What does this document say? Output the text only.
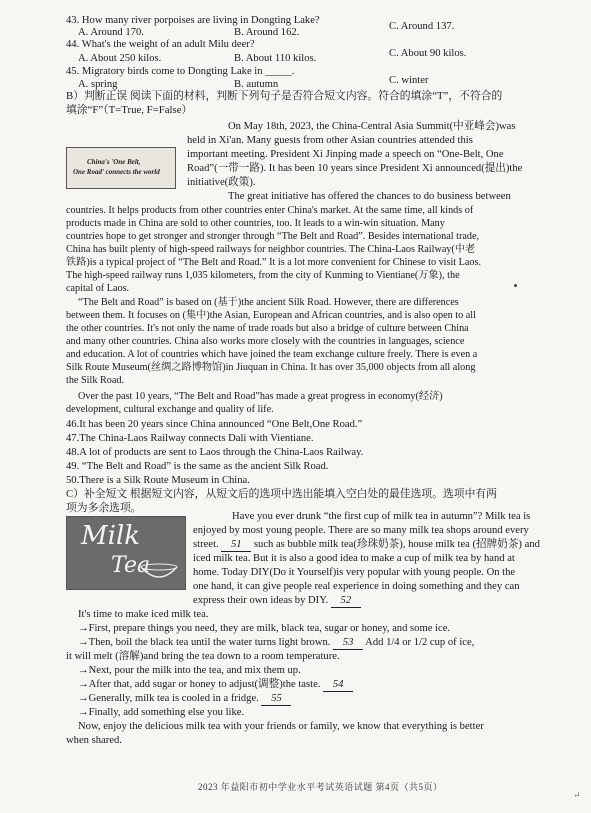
43. How many river porpoises are living in Dongting Lake?
A. Around 170.	B. Around 162.
C. Around 137.
44. What's the weight of an adult Milu deer?
A. About 250 kilos.	B. About 110 kilos.	C. About 90 kilos.
45. Migratory birds come to Dongting Lake in _____.
A. spring	B. autumn	C. winter
B）判断正误 阅读下面的材料，判断下列句子是否符合短文内容。符合的填涂“T”，不符合的
填涂“F”（T=True, F=False）
China's 'One Belt,
One Road' connects the world
On May 18th, 2023, the China-Central Asia Summit(中亚峰会)was
held in Xi'an. Many guests from other Asian countries attended this
important meeting. President Xi Jinping made a speech on “One-Belt, One
Road”(一带一路). It has been 10 years since President Xi announced(提出)the
initiative(政策).
The great initiative has offered the chances to do business between
countries. It helps products from other countries enter China's market. At the same time, all kinds of
products made in China are sold to other countries, too. It leads to a win-win situation. Many
countries hope to get stronger and stronger through “The Belt and Road”. Besides international trade,
China has built plenty of high-speed railways for neighbor countries. The China-Laos Railway(中老
铁路)is a typical project of “The Belt and Road.” It is a lot more convenient for Chinese to visit Laos.
The high-speed railway runs 1,035 kilometers, from the city of Kunming to Vientiane(万象), the
capital of Laos.
“The Belt and Road” is based on (基于)the ancient Silk Road. However, there are differences
between them. It focuses on (集中)the Asian, European and African countries, and is also open to all
the other countries. It's not only the name of trade roads but also a bridge of culture between China
and many other countries. China also works more closely with the countries in languages, science
and education. A lot of countries which have joined the team exchange culture freely. There is even a
Silk Route Museum(丝绸之路博物馆)in Jiuquan in China. It has over 35,000 objects from all along
the Silk Road.
Over the past 10 years, “The Belt and Road”has made a great progress in economy(经济)
development, cultural exchange and quality of life.
46.It has been 20 years since China announced “One Belt,One Road.”
47.The China-Laos Railway connects Dali with Vientiane.
48.A lot of products are sent to Laos through the China-Laos Railway.
49. “The Belt and Road” is the same as the ancient Silk Road.
50.There is a Silk Route Museum in China.
C）补全短文 根据短文内容，从短文后的选项中选出能填入空白处的最佳选项。选项中有两
项为多余选项。
Milk
Tea
Have you ever drunk “the first cup of milk tea in autumn”? Milk tea is
enjoyed by most young people. There are so many milk tea shops around every
street. 51 such as bubble milk tea(珍珠奶茶), house milk tea (招牌奶茶) and
iced milk tea. But it is also a good idea to make a cup of milk tea by hand at
home. Today DIY(Do it Yourself)is very popular with young people. On the
one hand, it can give people real experience in doing something and they can
express their own ideas by DIY. 52
It's time to make iced milk tea.
→First, prepare things you need, they are milk, black tea, sugar or honey, and some ice.
→Then, boil the black tea until the water turns light brown. 53 Add 1/4 or 1/2 cup of ice,
it will melt (溶解)and bring the tea down to a room temperature.
→Next, pour the milk into the tea, and mix them up.
→After that, add sugar or honey to adjust(调整)the taste. 54
→Generally, milk tea is cooled in a fridge. 55
→Finally, add something else you like.
Now, enjoy the delicious milk tea with your friends or family, we know that everything is better
when shared.
2023 年益阳市初中学业水平考试英语试题 第4页（共5页）
↵
